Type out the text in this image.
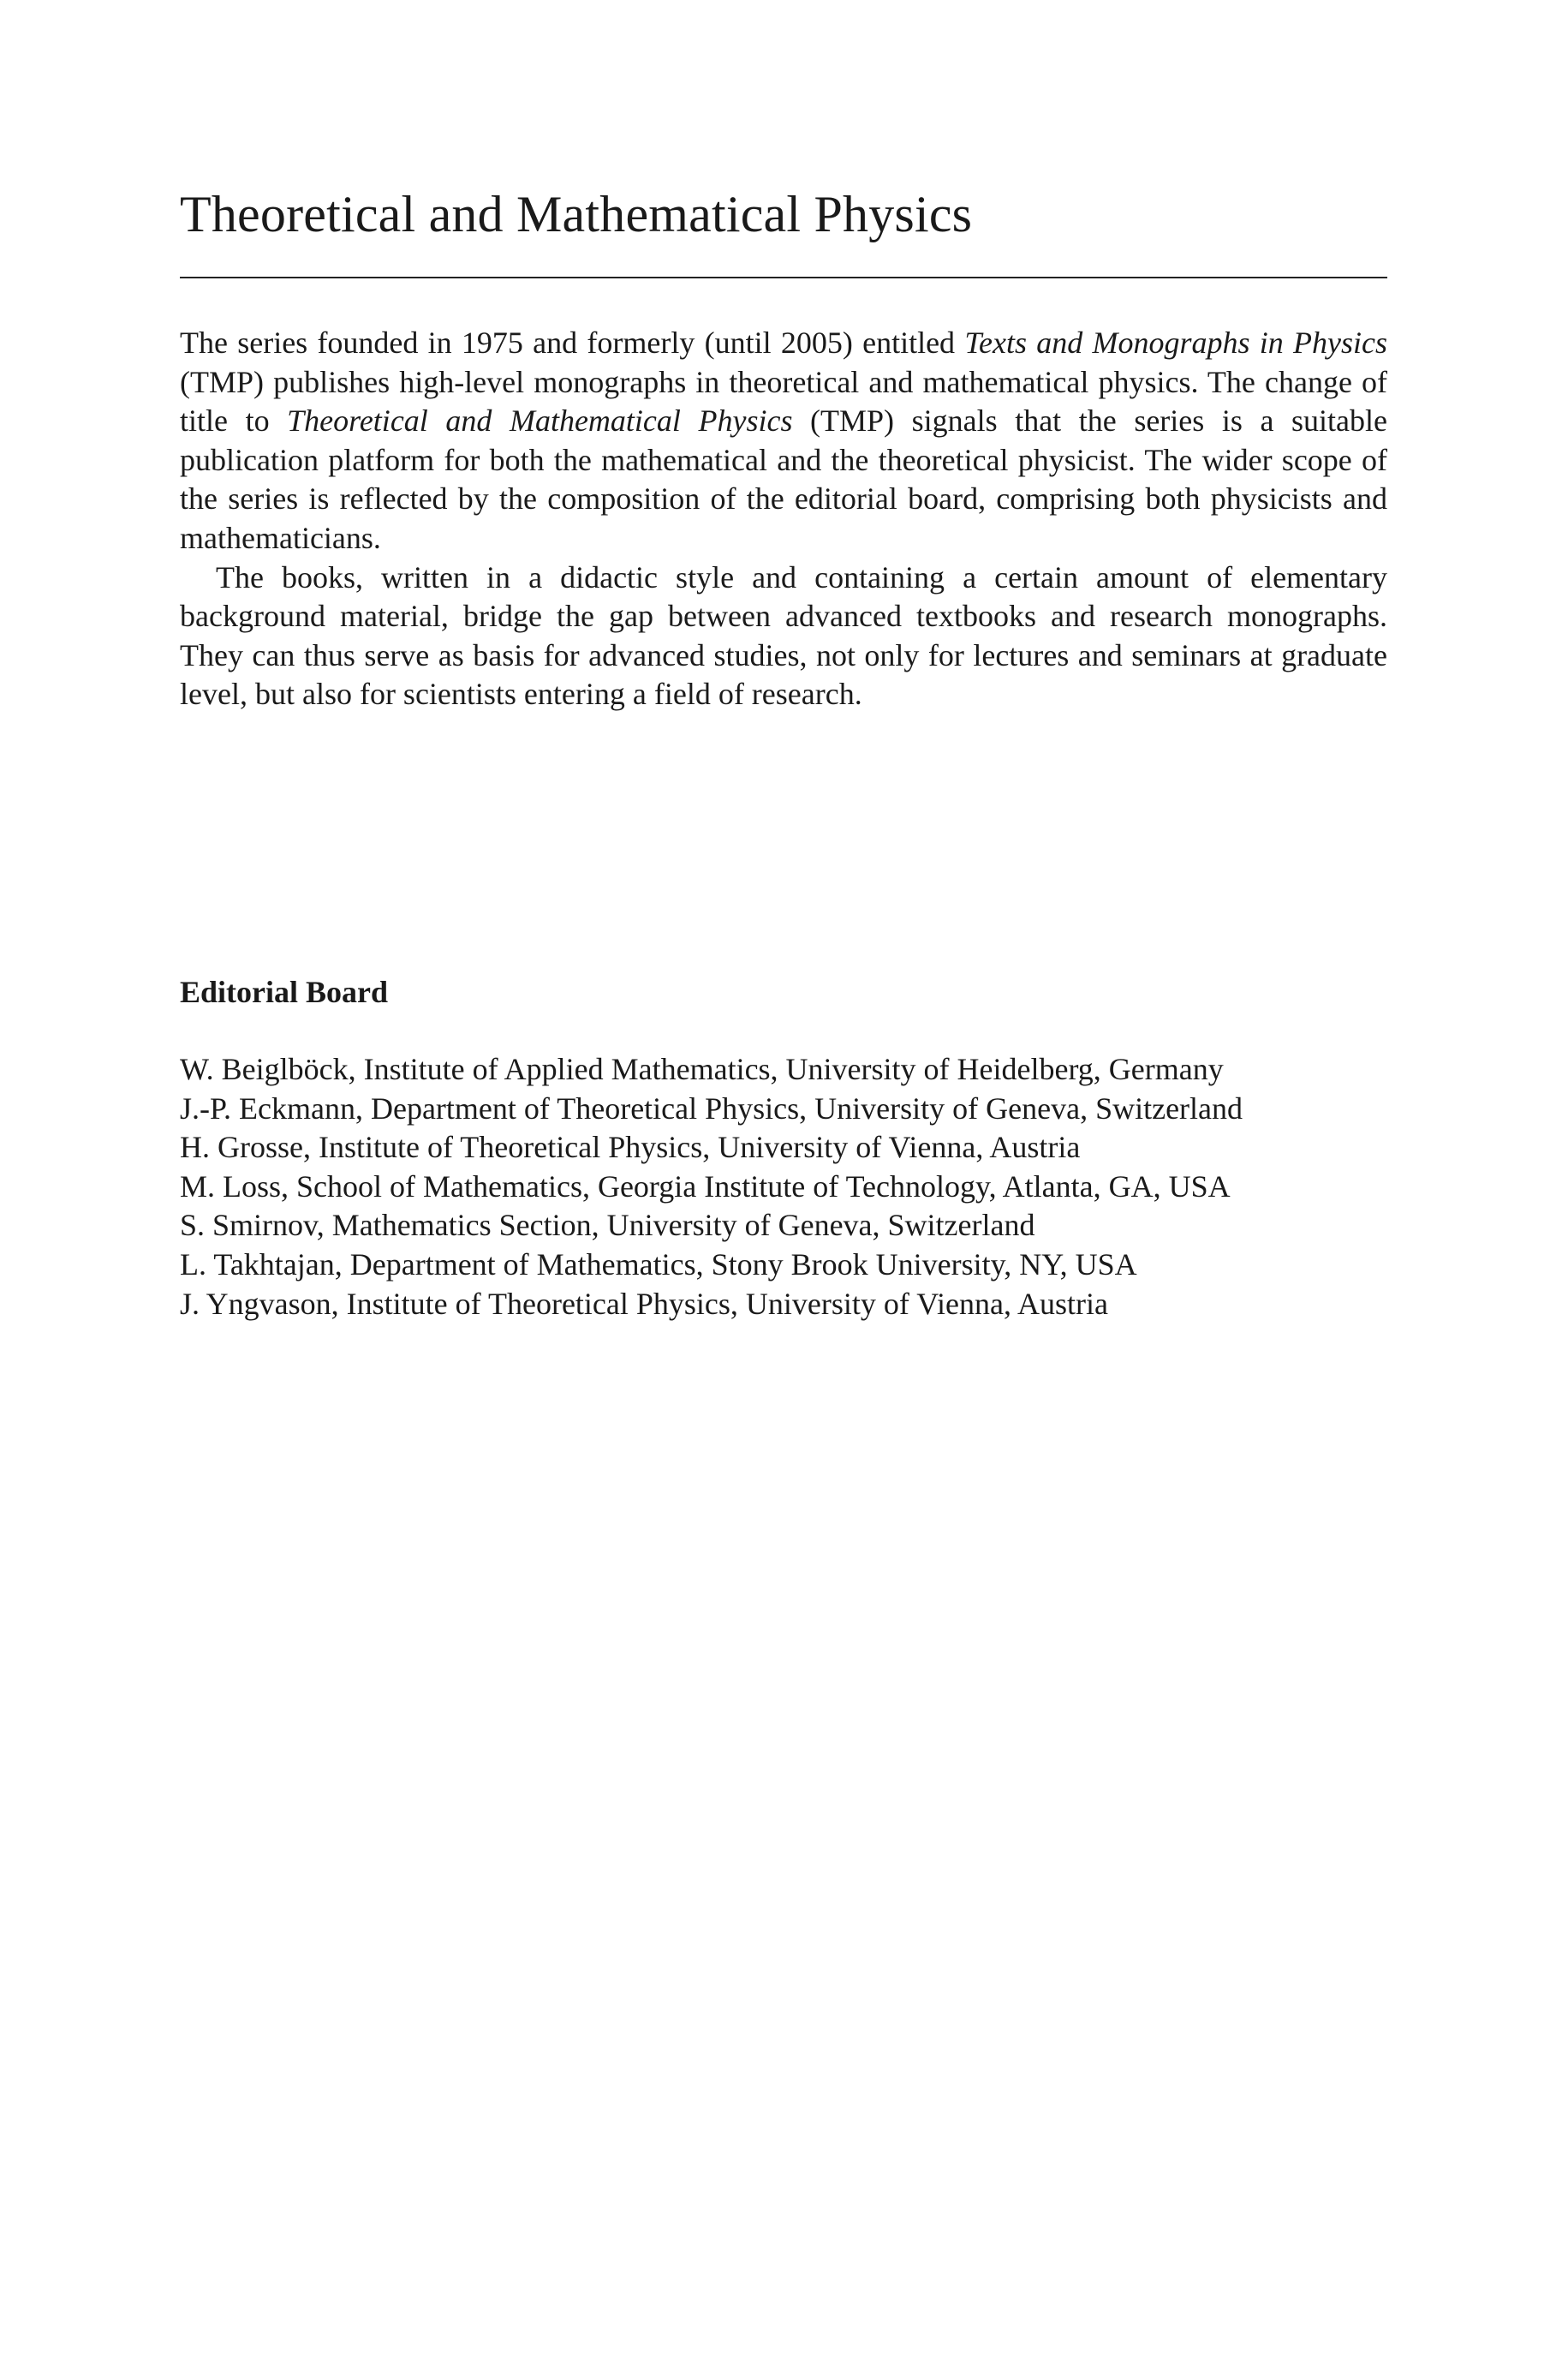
Theoretical and Mathematical Physics

The series founded in 1975 and formerly (until 2005) entitled Texts and Monographs in Physics (TMP) publishes high-level monographs in theoretical and mathematical physics. The change of title to Theoretical and Mathematical Physics (TMP) signals that the series is a suitable publication platform for both the mathematical and the theoretical physicist. The wider scope of the series is reflected by the composition of the editorial board, comprising both physicists and mathematicians.

The books, written in a didactic style and containing a certain amount of elementary background material, bridge the gap between advanced textbooks and research monographs. They can thus serve as basis for advanced studies, not only for lectures and seminars at graduate level, but also for scientists entering a field of research.

Editorial Board
W. Beiglböck, Institute of Applied Mathematics, University of Heidelberg, Germany
J.-P. Eckmann, Department of Theoretical Physics, University of Geneva, Switzerland
H. Grosse, Institute of Theoretical Physics, University of Vienna, Austria
M. Loss, School of Mathematics, Georgia Institute of Technology, Atlanta, GA, USA
S. Smirnov, Mathematics Section, University of Geneva, Switzerland
L. Takhtajan, Department of Mathematics, Stony Brook University, NY, USA
J. Yngvason, Institute of Theoretical Physics, University of Vienna, Austria
